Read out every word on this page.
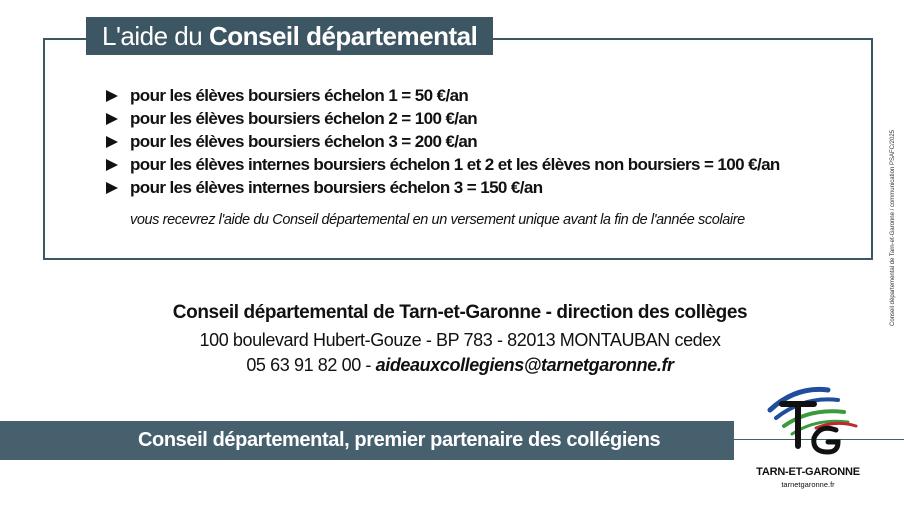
L'aide du Conseil départemental
pour les élèves boursiers échelon 1 = 50 €/an
pour les élèves boursiers échelon 2 = 100 €/an
pour les élèves boursiers échelon 3 = 200 €/an
pour les élèves internes boursiers échelon 1 et 2 et les élèves non boursiers = 100 €/an
pour les élèves internes boursiers échelon 3 = 150 €/an
vous recevrez l'aide du Conseil départemental en un versement unique avant la fin de l'année scolaire
Conseil départemental de Tarn-et-Garonne - direction des collèges
100 boulevard Hubert-Gouze - BP 783 - 82013 MONTAUBAN cedex
05 63 91 82 00 - aideauxcollegiens@tarnetgaronne.fr
Conseil départemental, premier partenaire des collégiens
TARN-ET-GARONNE
tarnetgaronne.fr
Conseil départemental de Tarn-et-Garonne / communication PSAFC/2025
